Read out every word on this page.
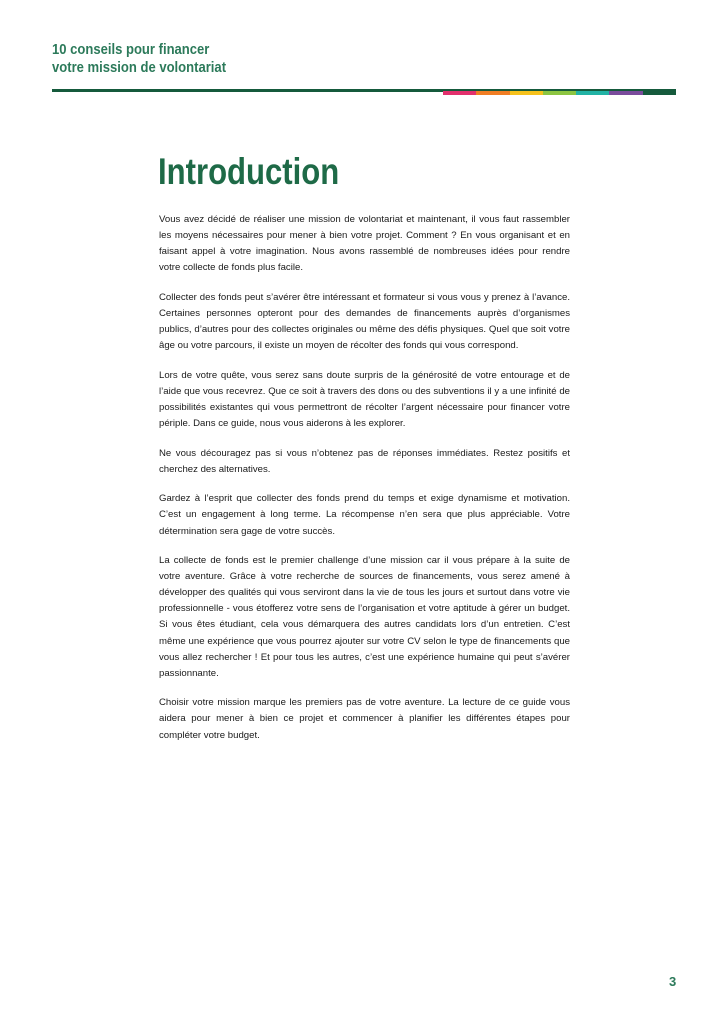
10 conseils pour financer
votre mission de volontariat
Introduction

Vous avez décidé de réaliser une mission de volontariat et maintenant, il vous faut rassembler les moyens nécessaires pour mener à bien votre projet. Comment ? En vous organisant et en faisant appel à votre imagination. Nous avons rassemblé de nombreuses idées pour rendre votre collecte de fonds plus facile.

Collecter des fonds peut s’avérer être intéressant et formateur si vous vous y prenez à l’avance. Certaines personnes opteront pour des demandes de financements auprès d’organismes publics, d’autres pour des collectes originales ou même des défis physiques. Quel que soit votre âge ou votre parcours, il existe un moyen de récolter des fonds qui vous correspond.

Lors de votre quête, vous serez sans doute surpris de la générosité de votre entourage et de l’aide que vous recevrez. Que ce soit à travers des dons ou des subventions il y a une infinité de possibilités existantes qui vous permettront de récolter l’argent nécessaire pour financer votre périple. Dans ce guide, nous vous aiderons à les explorer.

Ne vous découragez pas si vous n’obtenez pas de réponses immédiates. Restez positifs et cherchez des alternatives.

Gardez à l’esprit que collecter des fonds prend du temps et exige dynamisme et motivation. C’est un engagement à long terme. La récompense n’en sera que plus appréciable. Votre détermination sera gage de votre succès.

La collecte de fonds est le premier challenge d’une mission car il vous prépare à la suite de votre aventure. Grâce à votre recherche de sources de financements, vous serez amené à développer des qualités qui vous serviront dans la vie de tous les jours et surtout dans votre vie professionnelle - vous étofferez votre sens de l’organisation et votre aptitude à gérer un budget. Si vous êtes étudiant, cela vous démarquera des autres candidats lors d’un entretien. C’est même une expérience que vous pourrez ajouter sur votre CV selon le type de financements que vous allez rechercher ! Et pour tous les autres, c’est une expérience humaine qui peut s’avérer passionnante.

Choisir votre mission marque les premiers pas de votre aventure. La lecture de ce guide vous aidera pour mener à bien ce projet et commencer à planifier les différentes étapes pour compléter votre budget.

3
